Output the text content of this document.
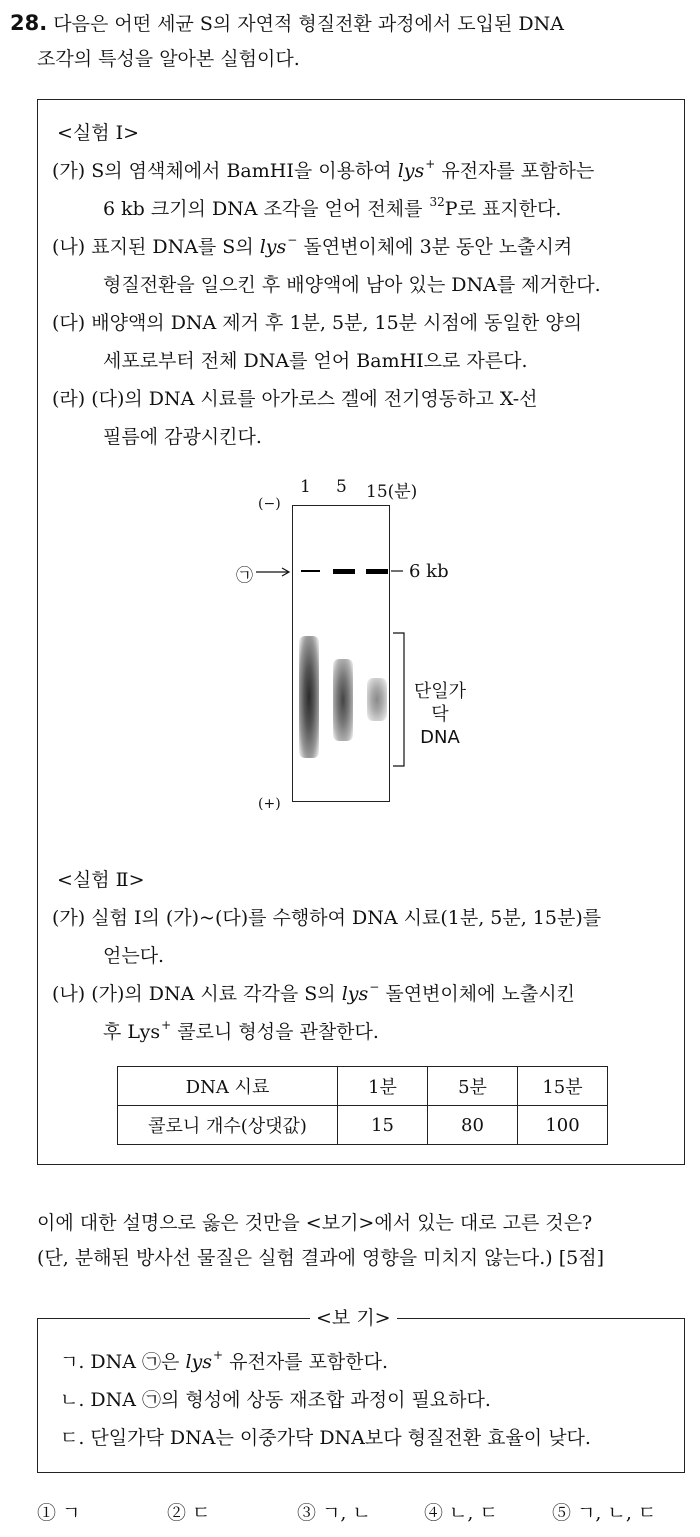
28. 다음은 어떤 세균 S의 자연적 형질전환 과정에서 도입된 DNA
조각의 특성을 알아본 실험이다.
<실험 Ⅰ>
(가) S의 염색체에서 BamHI을 이용하여 lys+ 유전자를 포함하는
6 kb 크기의 DNA 조각을 얻어 전체를 $^{32}$P로 표지한다.
(나) 표지된 DNA를 S의 lys− 돌연변이체에 3분 동안 노출시켜
형질전환을 일으킨 후 배양액에 남아 있는 DNA를 제거한다.
(다) 배양액의 DNA 제거 후 1분, 5분, 15분 시점에 동일한 양의
세포로부터 전체 DNA를 얻어 BamHI으로 자른다.
(라) (다)의 DNA 시료를 아가로스 겔에 전기영동하고 X-선
필름에 감광시킨다.
1 5 15(분)
(−)
(+)
㉠	6 kb
단일가닥
DNA
<실험 Ⅱ>
(가) 실험 Ⅰ의 (가)~(다)를 수행하여 DNA 시료(1분, 5분, 15분)를
얻는다.
(나) (가)의 DNA 시료 각각을 S의 lys− 돌연변이체에 노출시킨
후 Lys+ 콜로니 형성을 관찰한다.
DNA 시료	1분	5분	15분
콜로니 개수(상댓값)	15	80	100
이에 대한 설명으로 옳은 것만을 <보기>에서 있는 대로 고른 것은?
(단, 분해된 방사선 물질은 실험 결과에 영향을 미치지 않는다.) [5점]
<보 기>
ㄱ. DNA ㉠은 lys+ 유전자를 포함한다.
ㄴ. DNA ㉠의 형성에 상동 재조합 과정이 필요하다.
ㄷ. 단일가닥 DNA는 이중가닥 DNA보다 형질전환 효율이 낮다.
① ㄱ	② ㄷ	③ ㄱ, ㄴ	④ ㄴ, ㄷ	⑤ ㄱ, ㄴ, ㄷ
